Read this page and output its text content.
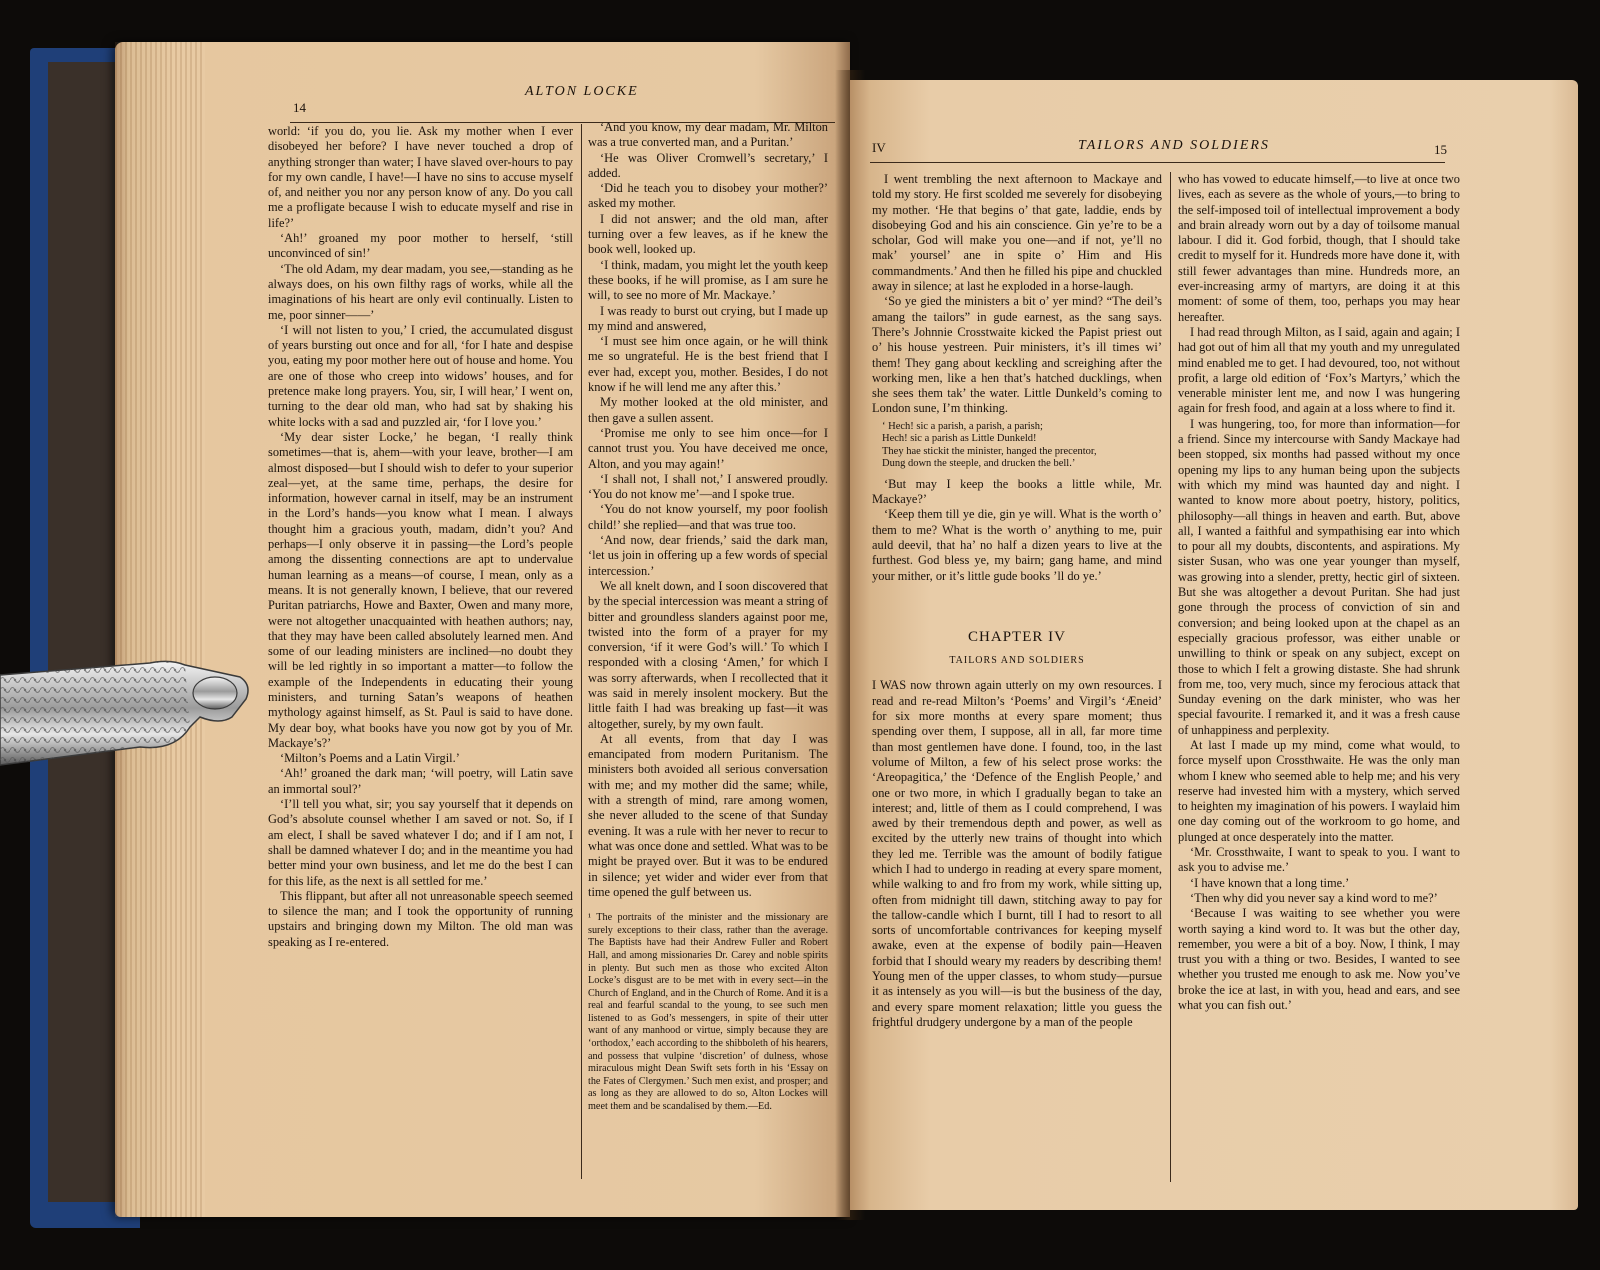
14
ALTON LOCKE

world: ‘if you do, you lie. Ask my mother when I ever disobeyed her before? I have never touched a drop of anything stronger than water; I have slaved over-hours to pay for my own candle, I have!—I have no sins to accuse myself of, and neither you nor any person know of any. Do you call me a profligate because I wish to educate myself and rise in life?’

‘Ah!’ groaned my poor mother to herself, ‘still unconvinced of sin!’

‘The old Adam, my dear madam, you see,—standing as he always does, on his own filthy rags of works, while all the imaginations of his heart are only evil continually. Listen to me, poor sinner——’

‘I will not listen to you,’ I cried, the accumulated disgust of years bursting out once and for all, ‘for I hate and despise you, eating my poor mother here out of house and home. You are one of those who creep into widows’ houses, and for pretence make long prayers. You, sir, I will hear,’ I went on, turning to the dear old man, who had sat by shaking his white locks with a sad and puzzled air, ‘for I love you.’

‘My dear sister Locke,’ he began, ‘I really think sometimes—that is, ahem—with your leave, brother—I am almost disposed—but I should wish to defer to your superior zeal—yet, at the same time, perhaps, the desire for information, however carnal in itself, may be an instrument in the Lord’s hands—you know what I mean. I always thought him a gracious youth, madam, didn’t you? And perhaps—I only observe it in passing—the Lord’s people among the dissenting connections are apt to undervalue human learning as a means—of course, I mean, only as a means. It is not generally known, I believe, that our revered Puritan patriarchs, Howe and Baxter, Owen and many more, were not altogether unacquainted with heathen authors; nay, that they may have been called absolutely learned men. And some of our leading ministers are inclined—no doubt they will be led rightly in so important a matter—to follow the example of the Independents in educating their young ministers, and turning Satan’s weapons of heathen mythology against himself, as St. Paul is said to have done. My dear boy, what books have you now got by you of Mr. Mackaye’s?’

‘Milton’s Poems and a Latin Virgil.’

‘Ah!’ groaned the dark man; ‘will poetry, will Latin save an immortal soul?’

‘I’ll tell you what, sir; you say yourself that it depends on God’s absolute counsel whether I am saved or not. So, if I am elect, I shall be saved whatever I do; and if I am not, I shall be damned whatever I do; and in the meantime you had better mind your own business, and let me do the best I can for this life, as the next is all settled for me.’

This flippant, but after all not unreasonable speech seemed to silence the man; and I took the opportunity of running upstairs and bringing down my Milton. The old man was speaking as I re-entered.

‘And you know, my dear madam, Mr. Milton was a true converted man, and a Puritan.’

‘He was Oliver Cromwell’s secretary,’ I added.

‘Did he teach you to disobey your mother?’ asked my mother.

I did not answer; and the old man, after turning over a few leaves, as if he knew the book well, looked up.

‘I think, madam, you might let the youth keep these books, if he will promise, as I am sure he will, to see no more of Mr. Mackaye.’

I was ready to burst out crying, but I made up my mind and answered,

‘I must see him once again, or he will think me so ungrateful. He is the best friend that I ever had, except you, mother. Besides, I do not know if he will lend me any after this.’

My mother looked at the old minister, and then gave a sullen assent.

‘Promise me only to see him once—for I cannot trust you. You have deceived me once, Alton, and you may again!’

‘I shall not, I shall not,’ I answered proudly. ‘You do not know me’—and I spoke true.

‘You do not know yourself, my poor foolish child!’ she replied—and that was true too.

‘And now, dear friends,’ said the dark man, ‘let us join in offering up a few words of special intercession.’

We all knelt down, and I soon discovered that by the special intercession was meant a string of bitter and groundless slanders against poor me, twisted into the form of a prayer for my conversion, ‘if it were God’s will.’ To which I responded with a closing ‘Amen,’ for which I was sorry afterwards, when I recollected that it was said in merely insolent mockery. But the little faith I had was breaking up fast—it was altogether, surely, by my own fault.

At all events, from that day I was emancipated from modern Puritanism. The ministers both avoided all serious conversation with me; and my mother did the same; while, with a strength of mind, rare among women, she never alluded to the scene of that Sunday evening. It was a rule with her never to recur to what was once done and settled. What was to be might be prayed over. But it was to be endured in silence; yet wider and wider ever from that time opened the gulf between us.

¹ The portraits of the minister and the missionary are surely exceptions to their class, rather than the average. The Baptists have had their Andrew Fuller and Robert Hall, and among missionaries Dr. Carey and noble spirits in plenty. But such men as those who excited Alton Locke’s disgust are to be met with in every sect—in the Church of England, and in the Church of Rome. And it is a real and fearful scandal to the young, to see such men listened to as God’s messengers, in spite of their utter want of any manhood or virtue, simply because they are ‘orthodox,’ each according to the shibboleth of his hearers, and possess that vulpine ‘discretion’ of dulness, whose miraculous might Dean Swift sets forth in his ‘Essay on the Fates of Clergymen.’ Such men exist, and prosper; and as long as they are allowed to do so, Alton Lockes will meet them and be scandalised by them.—Ed.
IV	TAILORS AND SOLDIERS	15

I went trembling the next afternoon to Mackaye and told my story. He first scolded me severely for disobeying my mother. ‘He that begins o’ that gate, laddie, ends by disobeying God and his ain conscience. Gin ye’re to be a scholar, God will make you one—and if not, ye’ll no mak’ yoursel’ ane in spite o’ Him and His commandments.’ And then he filled his pipe and chuckled away in silence; at last he exploded in a horse-laugh.

‘So ye gied the ministers a bit o’ yer mind? “The deil’s amang the tailors” in gude earnest, as the sang says. There’s Johnnie Crosstwaite kicked the Papist priest out o’ his house yestreen. Puir ministers, it’s ill times wi’ them! They gang about keckling and screighing after the working men, like a hen that’s hatched ducklings, when she sees them tak’ the water. Little Dunkeld’s coming to London sune, I’m thinking.

‘ Hech! sic a parish, a parish, a parish;
Hech! sic a parish as Little Dunkeld!
They hae stickit the minister, hanged the precentor,
Dung down the steeple, and drucken the bell.’

‘But may I keep the books a little while, Mr. Mackaye?’

‘Keep them till ye die, gin ye will. What is the worth o’ them to me? What is the worth o’ anything to me, puir auld deevil, that ha’ no half a dizen years to live at the furthest. God bless ye, my bairn; gang hame, and mind your mither, or it’s little gude books ’ll do ye.’

CHAPTER IV
TAILORS AND SOLDIERS

I WAS now thrown again utterly on my own resources. I read and re-read Milton’s ‘Poems’ and Virgil’s ‘Æneid’ for six more months at every spare moment; thus spending over them, I suppose, all in all, far more time than most gentlemen have done. I found, too, in the last volume of Milton, a few of his select prose works: the ‘Areopagitica,’ the ‘Defence of the English People,’ and one or two more, in which I gradually began to take an interest; and, little of them as I could comprehend, I was awed by their tremendous depth and power, as well as excited by the utterly new trains of thought into which they led me. Terrible was the amount of bodily fatigue which I had to undergo in reading at every spare moment, while walking to and fro from my work, while sitting up, often from midnight till dawn, stitching away to pay for the tallow-candle which I burnt, till I had to resort to all sorts of uncomfortable contrivances for keeping myself awake, even at the expense of bodily pain—Heaven forbid that I should weary my readers by describing them! Young men of the upper classes, to whom study—pursue it as intensely as you will—is but the business of the day, and every spare moment relaxation; little you guess the frightful drudgery undergone by a man of the people

who has vowed to educate himself,—to live at once two lives, each as severe as the whole of yours,—to bring to the self-imposed toil of intellectual improvement a body and brain already worn out by a day of toilsome manual labour. I did it. God forbid, though, that I should take credit to myself for it. Hundreds more have done it, with still fewer advantages than mine. Hundreds more, an ever-increasing army of martyrs, are doing it at this moment: of some of them, too, perhaps you may hear hereafter.

I had read through Milton, as I said, again and again; I had got out of him all that my youth and my unregulated mind enabled me to get. I had devoured, too, not without profit, a large old edition of ‘Fox’s Martyrs,’ which the venerable minister lent me, and now I was hungering again for fresh food, and again at a loss where to find it.

I was hungering, too, for more than information—for a friend. Since my intercourse with Sandy Mackaye had been stopped, six months had passed without my once opening my lips to any human being upon the subjects with which my mind was haunted day and night. I wanted to know more about poetry, history, politics, philosophy—all things in heaven and earth. But, above all, I wanted a faithful and sympathising ear into which to pour all my doubts, discontents, and aspirations. My sister Susan, who was one year younger than myself, was growing into a slender, pretty, hectic girl of sixteen. But she was altogether a devout Puritan. She had just gone through the process of conviction of sin and conversion; and being looked upon at the chapel as an especially gracious professor, was either unable or unwilling to think or speak on any subject, except on those to which I felt a growing distaste. She had shrunk from me, too, very much, since my ferocious attack that Sunday evening on the dark minister, who was her special favourite. I remarked it, and it was a fresh cause of unhappiness and perplexity.

At last I made up my mind, come what would, to force myself upon Crossthwaite. He was the only man whom I knew who seemed able to help me; and his very reserve had invested him with a mystery, which served to heighten my imagination of his powers. I waylaid him one day coming out of the workroom to go home, and plunged at once desperately into the matter.

‘Mr. Crossthwaite, I want to speak to you. I want to ask you to advise me.’

‘I have known that a long time.’

‘Then why did you never say a kind word to me?’

‘Because I was waiting to see whether you were worth saying a kind word to. It was but the other day, remember, you were a bit of a boy. Now, I think, I may trust you with a thing or two. Besides, I wanted to see whether you trusted me enough to ask me. Now you’ve broke the ice at last, in with you, head and ears, and see what you can fish out.’
